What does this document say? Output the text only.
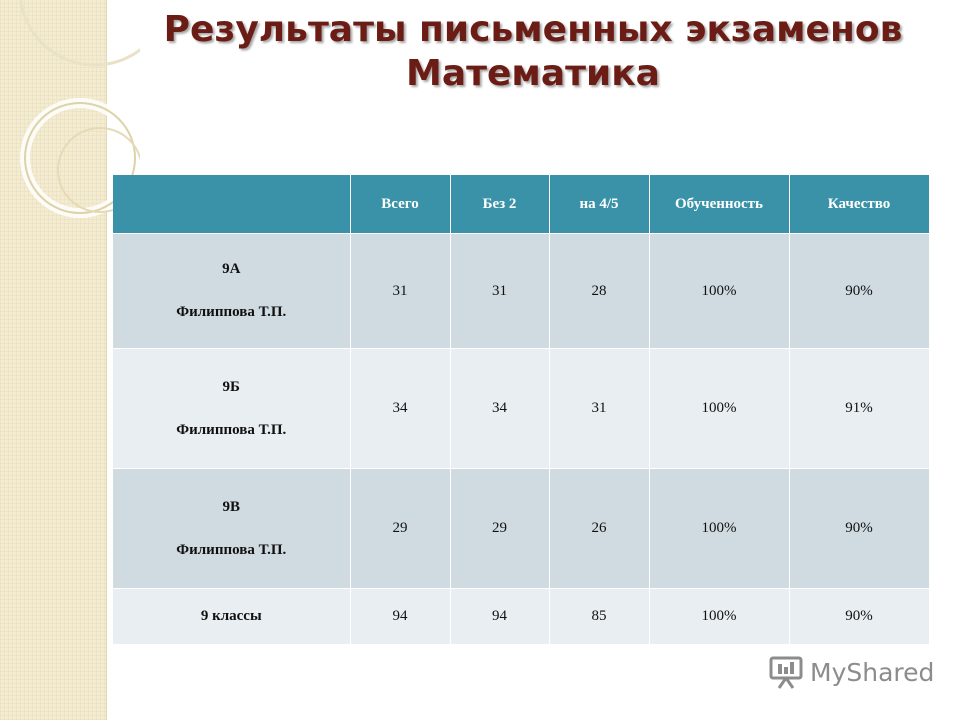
Результаты письменных экзаменов
Математика
	Всего	Без 2	на 4/5	Обученность	Качество

9А
Филиппова Т.П.	31	31	28	100%	90%

9Б
Филиппова Т.П.	34	34	31	100%	91%

9В
Филиппова Т.П.	29	29	26	100%	90%
9 классы	94	94	85	100%	90%
MyShared
